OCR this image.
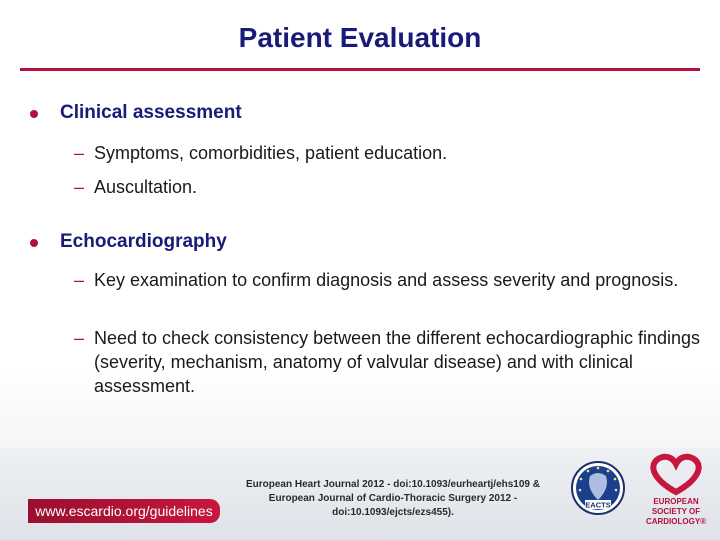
Patient Evaluation
Clinical assessment
– Symptoms, comorbidities, patient education.
– Auscultation.
Echocardiography
– Key examination to confirm diagnosis and assess severity and prognosis.
– Need to check consistency between the different echocardiographic findings (severity, mechanism, anatomy of valvular disease) and with clinical assessment.
www.escardio.org/guidelines
European Heart Journal 2012 - doi:10.1093/eurheartj/ehs109 & European Journal of Cardio-Thoracic Surgery 2012 - doi:10.1093/ejcts/ezs455).
EACTS	EUROPEAN SOCIETY OF CARDIOLOGY®
